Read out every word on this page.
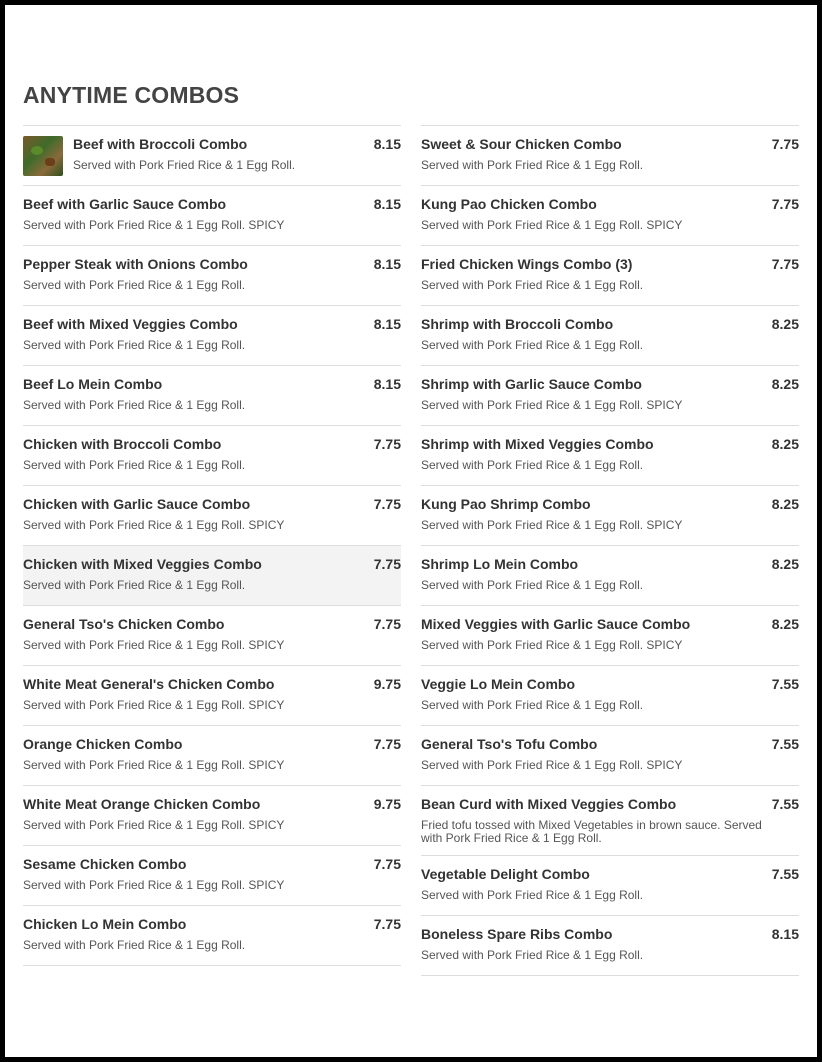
ANYTIME COMBOS
Beef with Broccoli Combo	8.15
Served with Pork Fried Rice & 1 Egg Roll.
Beef with Garlic Sauce Combo	8.15
Served with Pork Fried Rice & 1 Egg Roll. SPICY
Pepper Steak with Onions Combo	8.15
Served with Pork Fried Rice & 1 Egg Roll.
Beef with Mixed Veggies Combo	8.15
Served with Pork Fried Rice & 1 Egg Roll.
Beef Lo Mein Combo	8.15
Served with Pork Fried Rice & 1 Egg Roll.
Chicken with Broccoli Combo	7.75
Served with Pork Fried Rice & 1 Egg Roll.
Chicken with Garlic Sauce Combo	7.75
Served with Pork Fried Rice & 1 Egg Roll. SPICY
Chicken with Mixed Veggies Combo	7.75
Served with Pork Fried Rice & 1 Egg Roll.
General Tso's Chicken Combo	7.75
Served with Pork Fried Rice & 1 Egg Roll. SPICY
White Meat General's Chicken Combo	9.75
Served with Pork Fried Rice & 1 Egg Roll. SPICY
Orange Chicken Combo	7.75
Served with Pork Fried Rice & 1 Egg Roll. SPICY
White Meat Orange Chicken Combo	9.75
Served with Pork Fried Rice & 1 Egg Roll. SPICY
Sesame Chicken Combo	7.75
Served with Pork Fried Rice & 1 Egg Roll. SPICY
Chicken Lo Mein Combo	7.75
Served with Pork Fried Rice & 1 Egg Roll.
Sweet & Sour Chicken Combo	7.75
Served with Pork Fried Rice & 1 Egg Roll.
Kung Pao Chicken Combo	7.75
Served with Pork Fried Rice & 1 Egg Roll. SPICY
Fried Chicken Wings Combo (3)	7.75
Served with Pork Fried Rice & 1 Egg Roll.
Shrimp with Broccoli Combo	8.25
Served with Pork Fried Rice & 1 Egg Roll.
Shrimp with Garlic Sauce Combo	8.25
Served with Pork Fried Rice & 1 Egg Roll. SPICY
Shrimp with Mixed Veggies Combo	8.25
Served with Pork Fried Rice & 1 Egg Roll.
Kung Pao Shrimp Combo	8.25
Served with Pork Fried Rice & 1 Egg Roll. SPICY
Shrimp Lo Mein Combo	8.25
Served with Pork Fried Rice & 1 Egg Roll.
Mixed Veggies with Garlic Sauce Combo	8.25
Served with Pork Fried Rice & 1 Egg Roll. SPICY
Veggie Lo Mein Combo	7.55
Served with Pork Fried Rice & 1 Egg Roll.
General Tso's Tofu Combo	7.55
Served with Pork Fried Rice & 1 Egg Roll. SPICY
Bean Curd with Mixed Veggies Combo	7.55
Fried tofu tossed with Mixed Vegetables in brown sauce. Served with Pork Fried Rice & 1 Egg Roll.
Vegetable Delight Combo	7.55
Served with Pork Fried Rice & 1 Egg Roll.
Boneless Spare Ribs Combo	8.15
Served with Pork Fried Rice & 1 Egg Roll.
